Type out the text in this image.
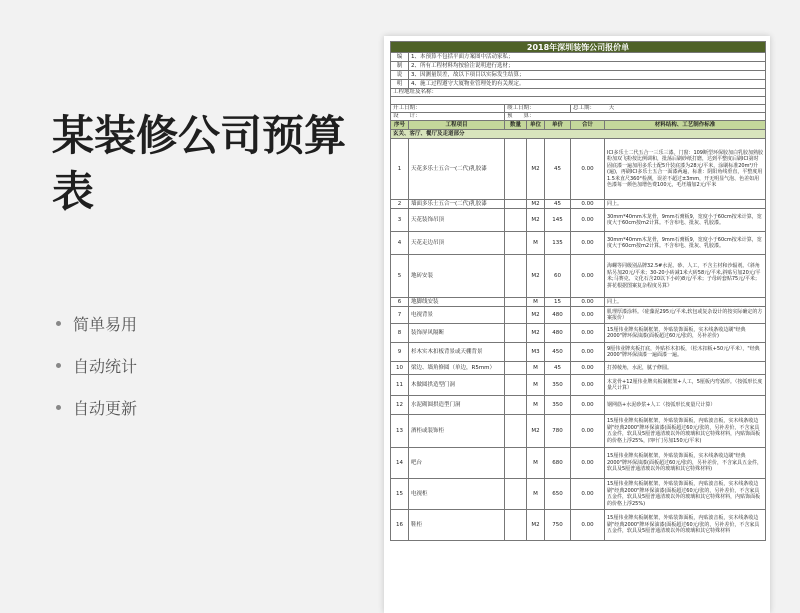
某装修公司预算表
简单易用
自动统计
自动更新
2018年深圳装饰公司报价单						
编	1、本预算不包括平面方案图中活动家私；					
制	2、所有工程材料均按验注说明进行选材；					
说	3、因测量误差，故以下项目以实际发生结算；					
明	4、施工过程遵守大厦物业管理处的有关规定。					
工程地址及名称：						

开工日期：		竣工日期：			总工期：　　　 天	
设　　计：		预　　算：				
序号	工程项目	数量	单位	单价	合计	材料结构、工艺制作标准
玄关、客厅、餐厅及走道部分						
1	天花多乐士五合一(二代)乳胶漆		M2	45	0.00	ICI多乐士二代五合一三乐三漆。门窗：109断型环保胶加白乳胶加熟胶粉加双飞粉按比例调和，批荡后刷砂纸打磨，达到平整度后刷ICI第时固底漆一遍加用多乐士配5升装底漆为28元/平米，涂刷标准20m²/升(遍)，再刷ICI多乐士五合一面漆两遍，标准：阴阳角线垂直，平整度用1.5米直尺360°检测，误差不超过±3mm，开无明显气泡、色差如用色漆每一颜色加增色费100元，毛坯墙加2元/平米
2	墙面多乐士五合一(二代)乳胶漆		M2	45	0.00	同上。
3	天花装饰吊顶		M2	145	0.00	30mm*40mm木龙骨，9mm石膏板9，宽度小于60cm按米计算，宽度大于60cm按m2计算。不含布电、批灰、乳胶漆。
4	天花走边吊顶		M	135	0.00	30mm*40mm木龙骨，9mm石膏板9，宽度小于60cm按米计算，宽度大于60cm按m2计算。不含布电、批灰、乳胶漆。
5	地砖安装		M2	60	0.00	海螺等同级别品牌32.5#水泥、砂、人工，不含主材和沙辐剂。《斜角贴另加20元/平米；30-20小砖减1米大砖58元/平米,斜贴另加20元/平米;马赛克、文化石含20以下小砖)8元/平米；子母砖套贴75元/平米；拼花根据图案复杂程度另算》
6	地脚线安装		M	15	0.00	同上。
7	电视背景		M2	480	0.00	肌理厚漆涂料。（硅藻泥295元/平米,软包或复杂设计的按实际确定的方案报价）
8	装饰屏风隔断		M2	480	0.00	15厘伟业牌夹板制框架，外贴装饰面板，实木线条收边刷"经典2000"牌环保油漆(面板超过60元/张的，另补差价)
9	杉木实木扣板背景或天棚背景		M3	450	0.00	9厘伟业牌夹板打底，外贴杉木扣板，（松木扣板+50元/平米），"经典2000"牌环保油漆一遍面漆一遍。
10	梁边、墙角修圆（单边，R5mm）		M	45	0.00	打掉棱角，水泥，腻子修圆。
11	木做圆拱造型门洞		M	350	0.00	木龙骨+12厘伟业牌夹板制框架+人工，5厘板内弯弧形。（按弧形长度量尺计算）
12	水泥砌圆拱造型门洞		M	350	0.00	钢网筋+水泥砂浆+人工（按弧形长度量尺计算）
13	酒柜或装饰柜		M2	780	0.00	15厘伟业牌夹板制框架，外贴装饰面板，内贴波音板，实木线条收边刷"经典2000"牌环保油漆(面板超过60元/张的，另补差价，不含家具五金件，软具及5厘普通清玻以外的玻璃和其它特殊材料，内贴饰面板的价格上浮25%，四叶门另加150元/平米)
14	吧台		M	680	0.00	15厘伟业牌夹板制框架，外贴装饰面板，实木线条收边刷"经典2000"牌环保油漆(面板超过60元/张的，另补差价，不含家具五金件，软具及5厘普通清玻以外的玻璃和其它特殊材料)
15	电视柜		M	650	0.00	15厘伟业牌夹板制框架，外贴装饰面板，内贴波音板，实木线条收边刷"经典2000"牌环保油漆(面板超过60元/张的，另补差价，不含家具五金件，软具及5厘普通清玻以外的玻璃和其它特殊材料，内贴饰面板的价格上浮25%)
16	鞋柜		M2	750	0.00	15厘伟业牌夹板制框架，外贴装饰面板，内贴波音板，实木线条收边刷"经典2000"牌环保油漆(面板超过60元/张的，另补差价，不含家具五金件，软具及5厘普通清玻以外的玻璃和其它特殊材料
